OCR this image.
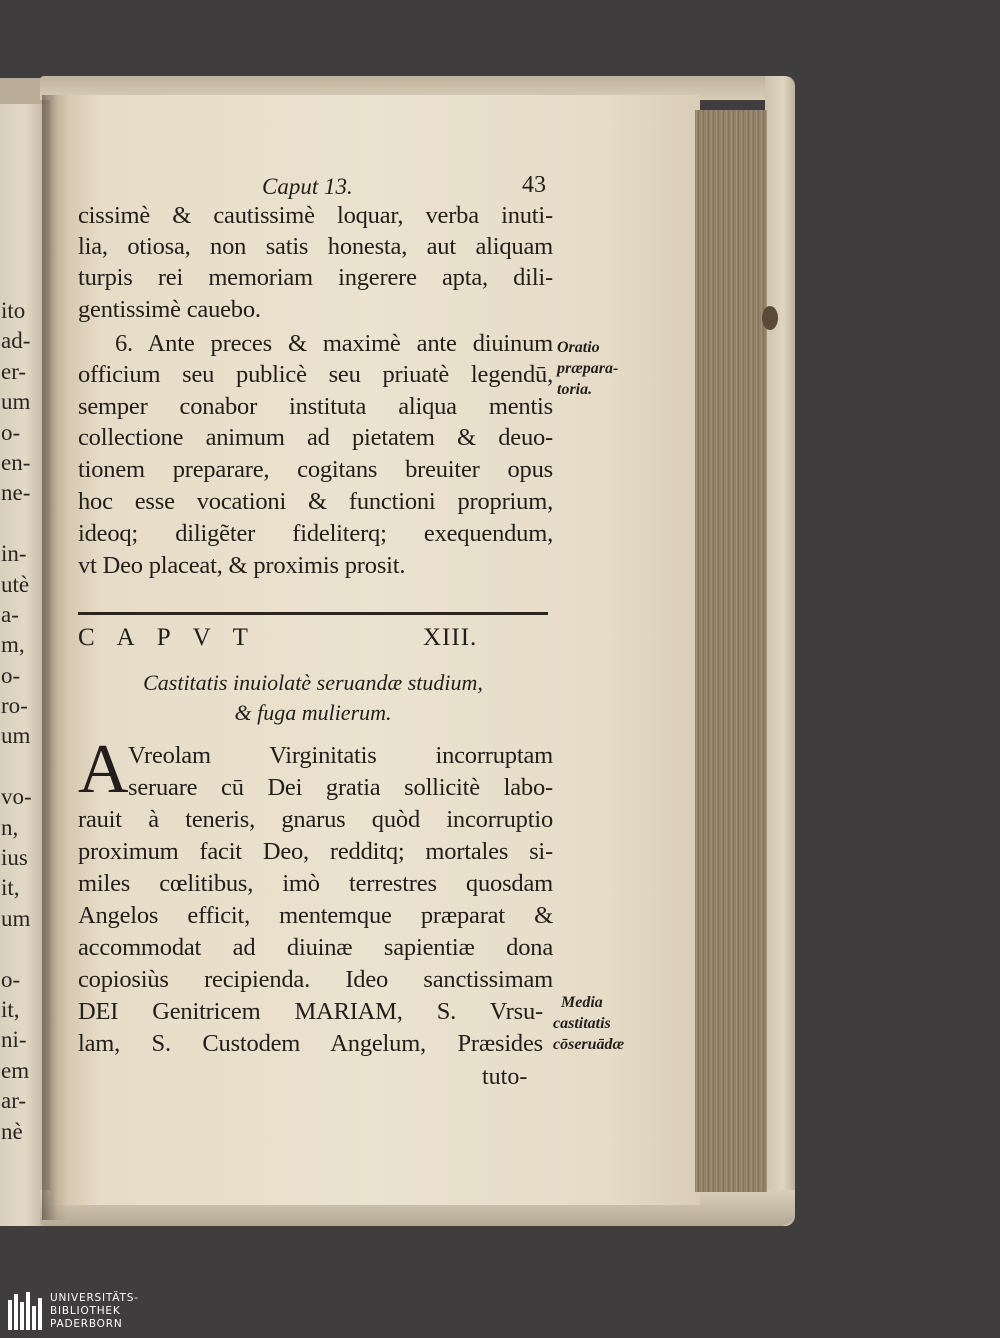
ito
ad-
er-
um
o-
en-
ne-
in-
utè
a-
m,
o-
ro-
um
vo-
n,
ius
it,
um
o-
it,
ni-
em
ar-
nè
Caput 13.	43
cissimè & cautissimè loquar, verba inuti-
lia, otiosa, non satis honesta, aut aliquam
turpis rei memoriam ingerere apta, dili-
gentissimè cauebo.
6. Ante preces & maximè ante diuinum
officium seu publicè seu priuatè legendū,
semper conabor instituta aliqua mentis
collectione animum ad pietatem & deuo-
tionem preparare, cogitans breuiter opus
hoc esse vocationi & functioni proprium,
ideoq; diligẽter fideliterq; exequendum,
vt Deo placeat, & proximis prosit.
Oratio
præpara-
toria.
CAPVT	XIII.
Castitatis inuiolatè seruandæ studium,
& fuga mulierum.
A Vreolam Virginitatis incorruptam
seruare cū Dei gratia sollicitè labo-
rauit à teneris, gnarus quòd incorruptio
proximum facit Deo, redditq; mortales si-
miles cœlitibus, imò terrestres quosdam
Angelos efficit, mentemque præparat &
accommodat ad diuinæ sapientiæ dona
copiosiùs recipienda. Ideo sanctissimam
DEI Genitricem MARIAM, S. Vrsu-
lam, S. Custodem Angelum, Præsides
Media
castitatis
cōseruādæ
tuto-
UNIVERSITÄTS-
BIBLIOTHEK
PADERBORN
